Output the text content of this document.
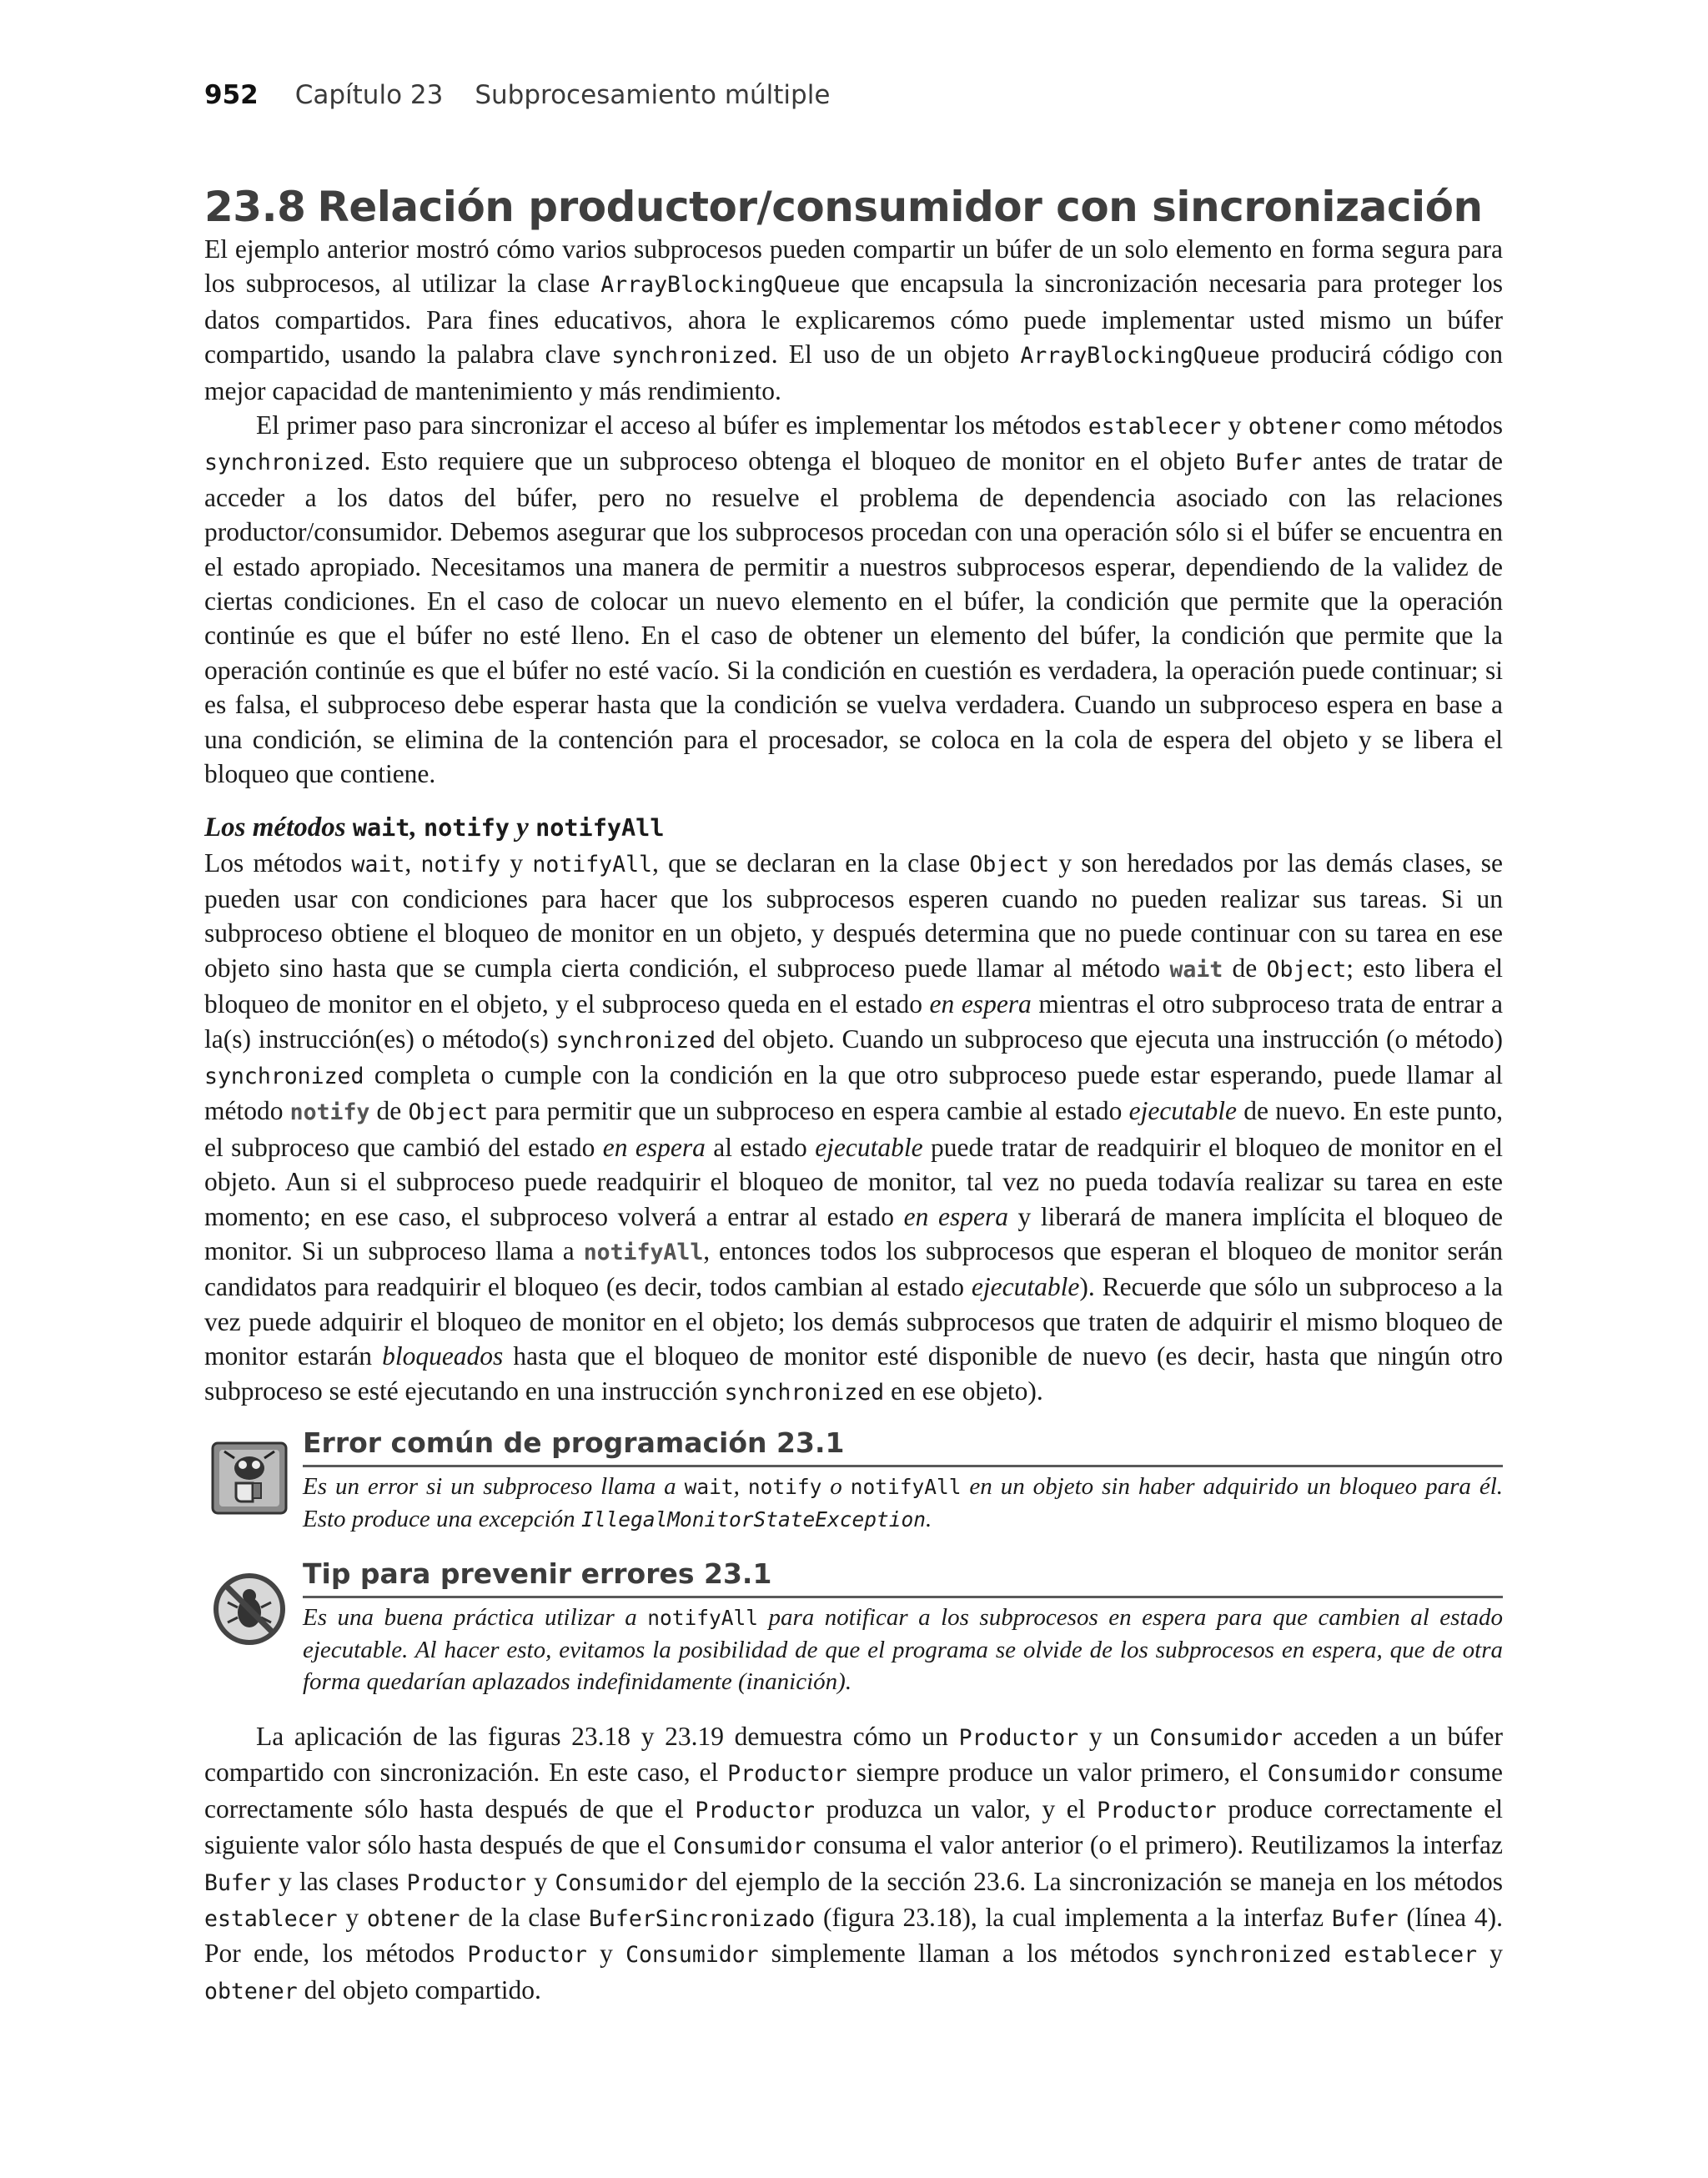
952 Capítulo 23 Subprocesamiento múltiple
23.8 Relación productor/consumidor con sincronización

El ejemplo anterior mostró cómo varios subprocesos pueden compartir un búfer de un solo elemento en forma segura para los subprocesos, al utilizar la clase ArrayBlockingQueue que encapsula la sincronización necesaria para proteger los datos compartidos. Para fines educativos, ahora le explicaremos cómo puede implementar usted mismo un búfer compartido, usando la palabra clave synchronized. El uso de un objeto ArrayBlockingQueue producirá código con mejor capacidad de mantenimiento y más rendimiento.

El primer paso para sincronizar el acceso al búfer es implementar los métodos establecer y obtener como métodos synchronized. Esto requiere que un subproceso obtenga el bloqueo de monitor en el objeto Bufer antes de tratar de acceder a los datos del búfer, pero no resuelve el problema de dependencia asociado con las relaciones productor/consumidor. Debemos asegurar que los subprocesos procedan con una operación sólo si el búfer se encuentra en el estado apropiado. Necesitamos una manera de permitir a nuestros subprocesos esperar, dependiendo de la validez de ciertas condiciones. En el caso de colocar un nuevo elemento en el búfer, la condición que permite que la operación continúe es que el búfer no esté lleno. En el caso de obtener un elemento del búfer, la condición que permite que la operación continúe es que el búfer no esté vacío. Si la condición en cuestión es verdadera, la operación puede continuar; si es falsa, el subproceso debe esperar hasta que la condición se vuelva verdadera. Cuando un subproceso espera en base a una condición, se elimina de la contención para el procesador, se coloca en la cola de espera del objeto y se libera el bloqueo que contiene.

Los métodos wait, notify y notifyAll

Los métodos wait, notify y notifyAll, que se declaran en la clase Object y son heredados por las demás clases, se pueden usar con condiciones para hacer que los subprocesos esperen cuando no pueden realizar sus tareas. Si un subproceso obtiene el bloqueo de monitor en un objeto, y después determina que no puede continuar con su tarea en ese objeto sino hasta que se cumpla cierta condición, el subproceso puede llamar al método wait de Object; esto libera el bloqueo de monitor en el objeto, y el subproceso queda en el estado en espera mientras el otro subproceso trata de entrar a la(s) instrucción(es) o método(s) synchronized del objeto. Cuando un subproceso que ejecuta una instrucción (o método) synchronized completa o cumple con la condición en la que otro subproceso puede estar esperando, puede llamar al método notify de Object para permitir que un subproceso en espera cambie al estado ejecutable de nuevo. En este punto, el subproceso que cambió del estado en espera al estado ejecutable puede tratar de readquirir el bloqueo de monitor en el objeto. Aun si el subproceso puede readquirir el bloqueo de monitor, tal vez no pueda todavía realizar su tarea en este momento; en ese caso, el subproceso volverá a entrar al estado en espera y liberará de manera implícita el bloqueo de monitor. Si un subproceso llama a notifyAll, entonces todos los subprocesos que esperan el bloqueo de monitor serán candidatos para readquirir el bloqueo (es decir, todos cambian al estado ejecutable). Recuerde que sólo un subproceso a la vez puede adquirir el bloqueo de monitor en el objeto; los demás subprocesos que traten de adquirir el mismo bloqueo de monitor estarán bloqueados hasta que el bloqueo de monitor esté disponible de nuevo (es decir, hasta que ningún otro subproceso se esté ejecutando en una instrucción synchronized en ese objeto).

Error común de programación 23.1
Es un error si un subproceso llama a wait, notify o notifyAll en un objeto sin haber adquirido un bloqueo para él. Esto produce una excepción IllegalMonitorStateException.
Tip para prevenir errores 23.1
Es una buena práctica utilizar a notifyAll para notificar a los subprocesos en espera para que cambien al estado ejecutable. Al hacer esto, evitamos la posibilidad de que el programa se olvide de los subprocesos en espera, que de otra forma quedarían aplazados indefinidamente (inanición).

La aplicación de las figuras 23.18 y 23.19 demuestra cómo un Productor y un Consumidor acceden a un búfer compartido con sincronización. En este caso, el Productor siempre produce un valor primero, el Consumidor consume correctamente sólo hasta después de que el Productor produzca un valor, y el Productor produce correctamente el siguiente valor sólo hasta después de que el Consumidor consuma el valor anterior (o el primero). Reutilizamos la interfaz Bufer y las clases Productor y Consumidor del ejemplo de la sección 23.6. La sincronización se maneja en los métodos establecer y obtener de la clase BuferSincronizado (figura 23.18), la cual implementa a la interfaz Bufer (línea 4). Por ende, los métodos Productor y Consumidor simplemente llaman a los métodos synchronized establecer y obtener del objeto compartido.
